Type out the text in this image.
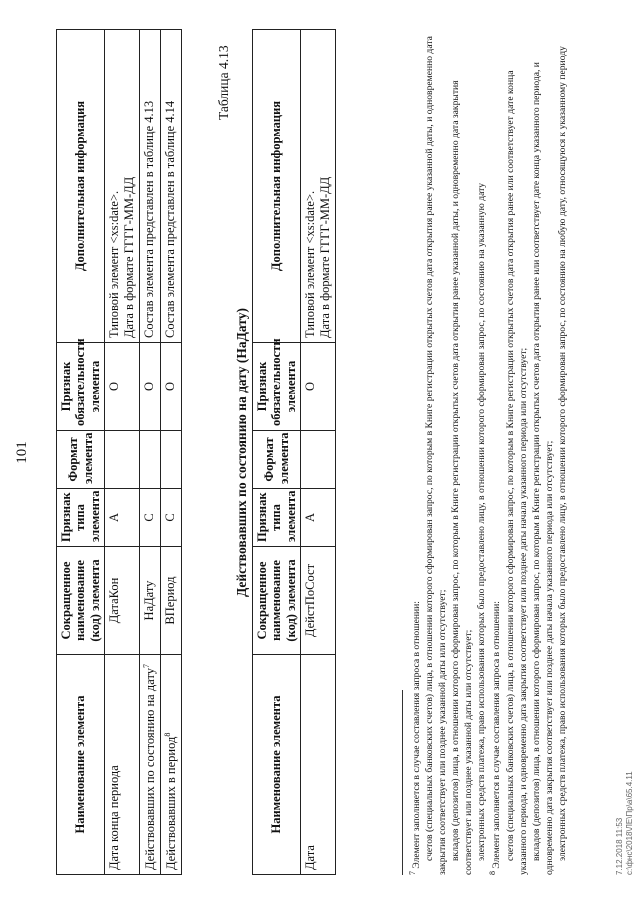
101
Наименование элемента	Сокращенное наименование (код) элемента	Признак типа элемента	Формат элемента	Признак обязательности элемента	Дополнительная информация
Дата конца периода	ДатаКон	А		О	Типовой элемент <xs:date>.
Дата в формате ГГГГ-ММ-ДД
Действовавших по состоянию на дату$^7$	НаДату	С		О	Состав элемента представлен в таблице 4.13
Действовавших в период$^8$	ВПериод	С		О	Состав элемента представлен в таблице 4.14
Таблица 4.13
Действовавших по состоянию на дату (НаДату)
Наименование элемента	Сокращенное наименование (код) элемента	Признак типа элемента	Формат элемента	Признак обязательности элемента	Дополнительная информация
Дата	ДейстПоСост	А		О	Типовой элемент <xs:date>.
Дата в формате ГГГГ-ММ-ДД

$^7$ Элемент заполняется в случае составления запроса в отношении: счетов (специальных банковских счетов) лица, в отношении которого сформирован запрос, по которым в Книге регистрации открытых счетов дата открытия ранее указанной даты, и одновременно дата закрытия соответствует или позднее указанной даты или отсутствует; вкладов (депозитов) лица, в отношении которого сформирован запрос, по которым в Книге регистрации открытых счетов дата открытия ранее указанной даты, и одновременно дата закрытия соответствует или позднее указанной даты или отсутствует; электронных средств платежа, право использования которых было предоставлено лицу, в отношении которого сформирован запрос, по состоянию на указанную дату

$^8$ Элемент заполняется в случае составления запроса в отношении: счетов (специальных банковских счетов) лица, в отношении которого сформирован запрос, по которым в Книге регистрации открытых счетов дата открытия ранее или соответствует дате конца указанного периода, и одновременно дата закрытия соответствует или позднее даты начала указанного периода или отсутствует; вкладов (депозитов) лица, в отношении которого сформирован запрос, по которым в Книге регистрации открытых счетов дата открытия ранее или соответствует дате конца указанного периода, и одновременно дата закрытия соответствует или позднее даты начала указанного периода или отсутствует; электронных средств платежа, право использования которых было предоставлено лицу, в отношении которого сформирован запрос, по состоянию на любую дату, относящуюся к указанному периоду	7.12.2018 11:53 c:\фнс\2018\ЛЕ\Пр\а\65.4.11
